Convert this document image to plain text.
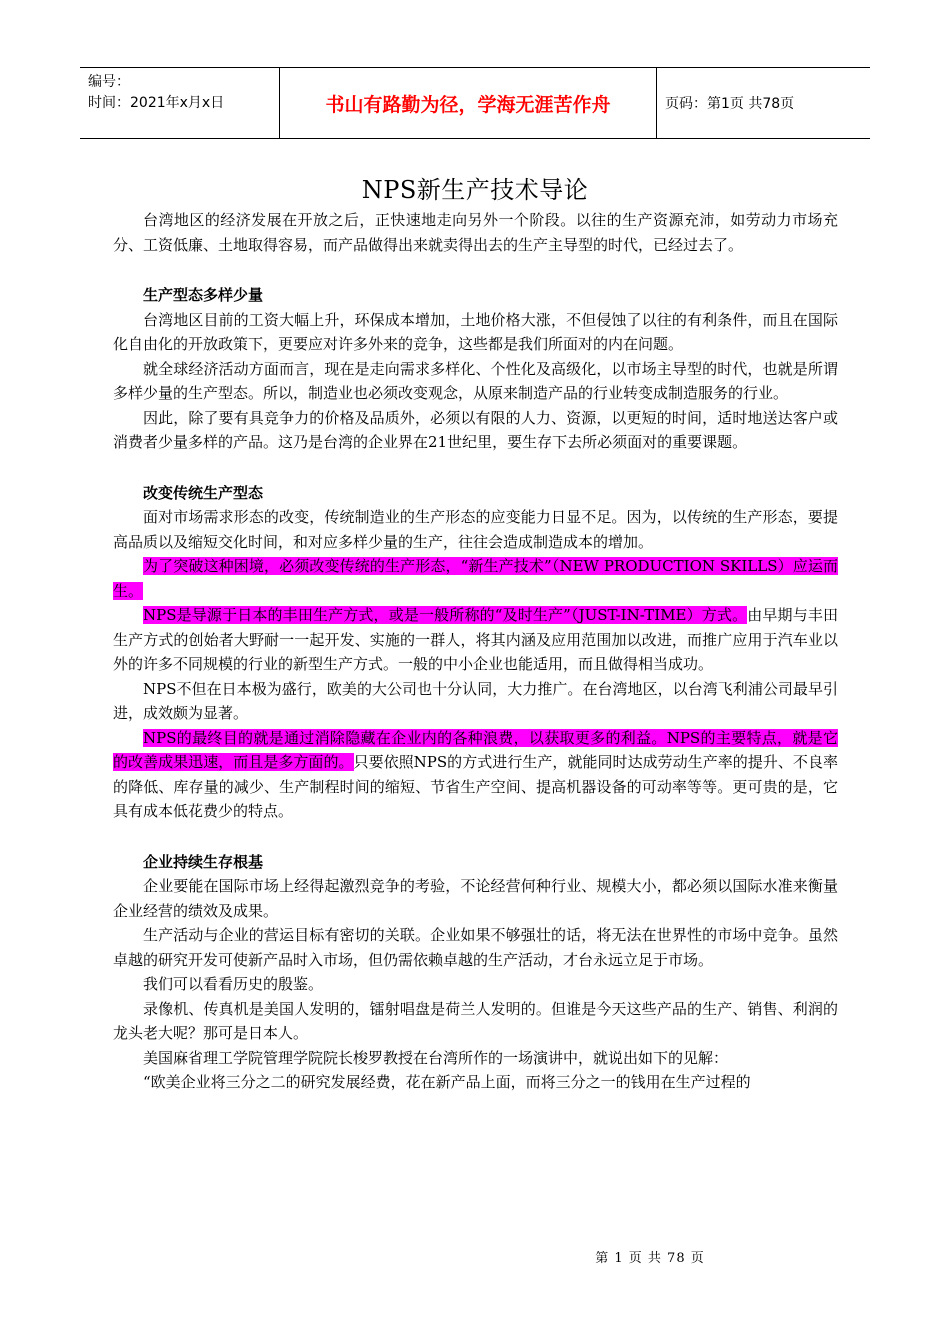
编号：
时间：2021年x月x日	书山有路勤为径，学海无涯苦作舟	页码：第1页 共78页
NPS新生产技术导论

台湾地区的经济发展在开放之后，正快速地走向另外一个阶段。以往的生产资源充沛，如劳动力市场充分、工资低廉、土地取得容易，而产品做得出来就卖得出去的生产主导型的时代，已经过去了。

生产型态多样少量

台湾地区目前的工资大幅上升，环保成本增加，土地价格大涨，不但侵蚀了以往的有利条件，而且在国际化自由化的开放政策下，更要应对许多外来的竞争，这些都是我们所面对的内在问题。

就全球经济活动方面而言，现在是走向需求多样化、个性化及高级化，以市场主导型的时代，也就是所谓多样少量的生产型态。所以，制造业也必须改变观念，从原来制造产品的行业转变成制造服务的行业。

因此，除了要有具竞争力的价格及品质外，必须以有限的人力、资源，以更短的时间，适时地送达客户或消费者少量多样的产品。这乃是台湾的企业界在21世纪里，要生存下去所必须面对的重要课题。

改变传统生产型态

面对市场需求形态的改变，传统制造业的生产形态的应变能力日显不足。因为，以传统的生产形态，要提高品质以及缩短交化时间，和对应多样少量的生产，往往会造成制造成本的增加。

为了突破这种困境，必须改变传统的生产形态，“新生产技术”（NEW PRODUCTION SKILLS）应运而生。

NPS是导源于日本的丰田生产方式，或是一般所称的“及时生产”（JUST-IN-TIME）方式。由早期与丰田生产方式的创始者大野耐一一起开发、实施的一群人，将其内涵及应用范围加以改进，而推广应用于汽车业以外的许多不同规模的行业的新型生产方式。一般的中小企业也能适用，而且做得相当成功。

NPS不但在日本极为盛行，欧美的大公司也十分认同，大力推广。在台湾地区，以台湾飞利浦公司最早引进，成效颇为显著。

NPS的最终目的就是通过消除隐藏在企业内的各种浪费，以获取更多的利益。NPS的主要特点，就是它的改善成果迅速，而且是多方面的。只要依照NPS的方式进行生产，就能同时达成劳动生产率的提升、不良率的降低、库存量的减少、生产制程时间的缩短、节省生产空间、提高机器设备的可动率等等。更可贵的是，它具有成本低花费少的特点。

企业持续生存根基

企业要能在国际市场上经得起激烈竞争的考验，不论经营何种行业、规模大小，都必须以国际水准来衡量企业经营的绩效及成果。

生产活动与企业的营运目标有密切的关联。企业如果不够强壮的话，将无法在世界性的市场中竞争。虽然卓越的研究开发可使新产品时入市场，但仍需依赖卓越的生产活动，才台永远立足于市场。

我们可以看看历史的殷鉴。

录像机、传真机是美国人发明的，镭射唱盘是荷兰人发明的。但谁是今天这些产品的生产、销售、利润的龙头老大呢？那可是日本人。

美国麻省理工学院管理学院院长梭罗教授在台湾所作的一场演讲中，就说出如下的见解：

“欧美企业将三分之二的研究发展经费，花在新产品上面，而将三分之一的钱用在生产过程的

第 1 页 共 78 页
